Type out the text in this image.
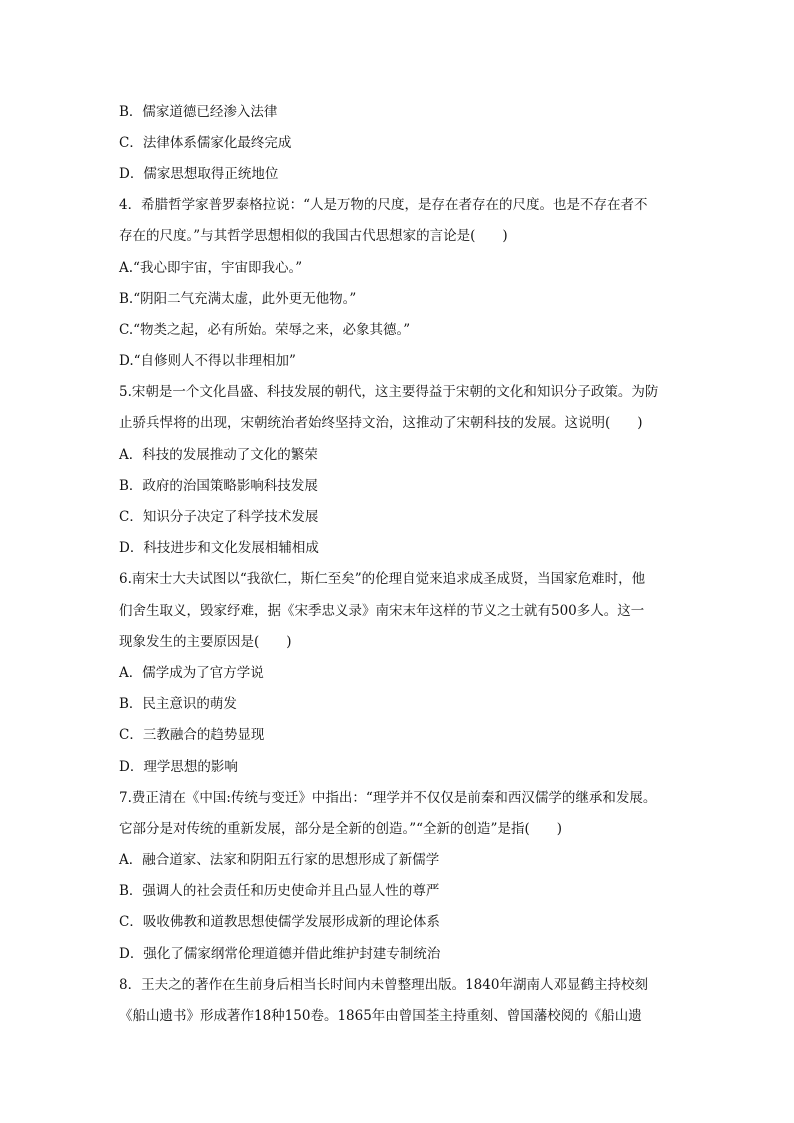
B．儒家道德已经渗入法律
C．法律体系儒家化最终完成
D．儒家思想取得正统地位
4．希腊哲学家普罗泰格拉说：“人是万物的尺度，是存在者存在的尺度。也是不存在者不
存在的尺度。”与其哲学思想相似的我国古代思想家的言论是(　　)
A.“我心即宇宙，宇宙即我心。”
B.“阴阳二气充满太虚，此外更无他物。”
C.“物类之起，必有所始。荣辱之来，必象其德。”
D.“自修则人不得以非理相加”
5.宋朝是一个文化昌盛、科技发展的朝代，这主要得益于宋朝的文化和知识分子政策。为防
止骄兵悍将的出现，宋朝统治者始终坚持文治，这推动了宋朝科技的发展。这说明(　　)
A．科技的发展推动了文化的繁荣
B．政府的治国策略影响科技发展
C．知识分子决定了科学技术发展
D．科技进步和文化发展相辅相成
6.南宋士大夫试图以“我欲仁，斯仁至矣”的伦理自觉来追求成圣成贤，当国家危难时，他
们舍生取义，毁家纾难，据《宋季忠义录》南宋末年这样的节义之士就有500多人。这一
现象发生的主要原因是(　　)
A．儒学成为了官方学说
B．民主意识的萌发
C．三教融合的趋势显现
D．理学思想的影响
7.费正清在《中国:传统与变迁》中指出：“理学并不仅仅是前秦和西汉儒学的继承和发展。
它部分是对传统的重新发展，部分是全新的创造。”“全新的创造”是指(　　)
A．融合道家、法家和阴阳五行家的思想形成了新儒学
B．强调人的社会责任和历史使命并且凸显人性的尊严
C．吸收佛教和道教思想使儒学发展形成新的理论体系
D．强化了儒家纲常伦理道德并借此维护封建专制统治
8．王夫之的著作在生前身后相当长时间内未曾整理出版。1840年湖南人邓显鹤主持校刻
《船山遗书》形成著作18种150卷。1865年由曾国荃主持重刻、曾国藩校阅的《船山遗
